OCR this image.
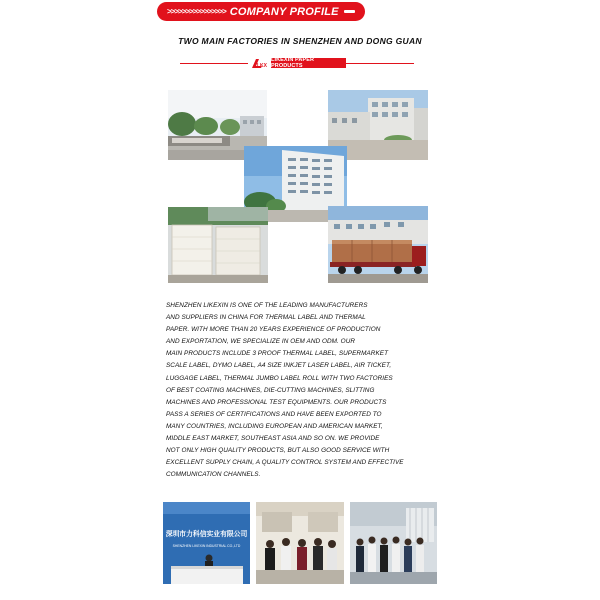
>>>>>>>>>>>>>>>> COMPANY PROFILE
TWO MAIN FACTORIES IN SHENZHEN AND DONG GUAN
LKX
LIKEXIN PAPER PRODUCTS
SHENZHEN LIKEXIN IS ONE OF THE LEADING MANUFACTURERS
AND SUPPLIERS IN CHINA FOR THERMAL LABEL AND THERMAL
PAPER. WITH MORE THAN 20 YEARS EXPERIENCE OF PRODUCTION
AND EXPORTATION, WE SPECIALIZE IN OEM AND ODM. OUR
MAIN PRODUCTS INCLUDE 3 PROOF THERMAL LABEL, SUPERMARKET
SCALE LABEL, DYMO LABEL, A4 SIZE INKJET LASER LABEL, AIR TICKET,
LUGGAGE LABEL, THERMAL JUMBO LABEL ROLL WITH TWO FACTORIES
OF BEST COATING MACHINES, DIE-CUTTING MACHINES, SLITTING
MACHINES AND PROFESSIONAL TEST EQUIPMENTS. OUR PRODUCTS
PASS A SERIES OF CERTIFICATIONS AND HAVE BEEN EXPORTED TO
MANY COUNTRIES, INCLUDING EUROPEAN AND AMERICAN MARKET,
MIDDLE EAST MARKET, SOUTHEAST ASIA AND SO ON. WE PROVIDE
NOT ONLY HIGH QUALITY PRODUCTS, BUT ALSO GOOD SERVICE WITH
EXCELLENT SUPPLY CHAIN, A QUALITY CONTROL SYSTEM AND EFFECTIVE
COMMUNICATION CHANNELS.
深圳市力科信实业有限公司
SHENZHEN LIKEXIN INDUSTRIAL CO.,LTD
